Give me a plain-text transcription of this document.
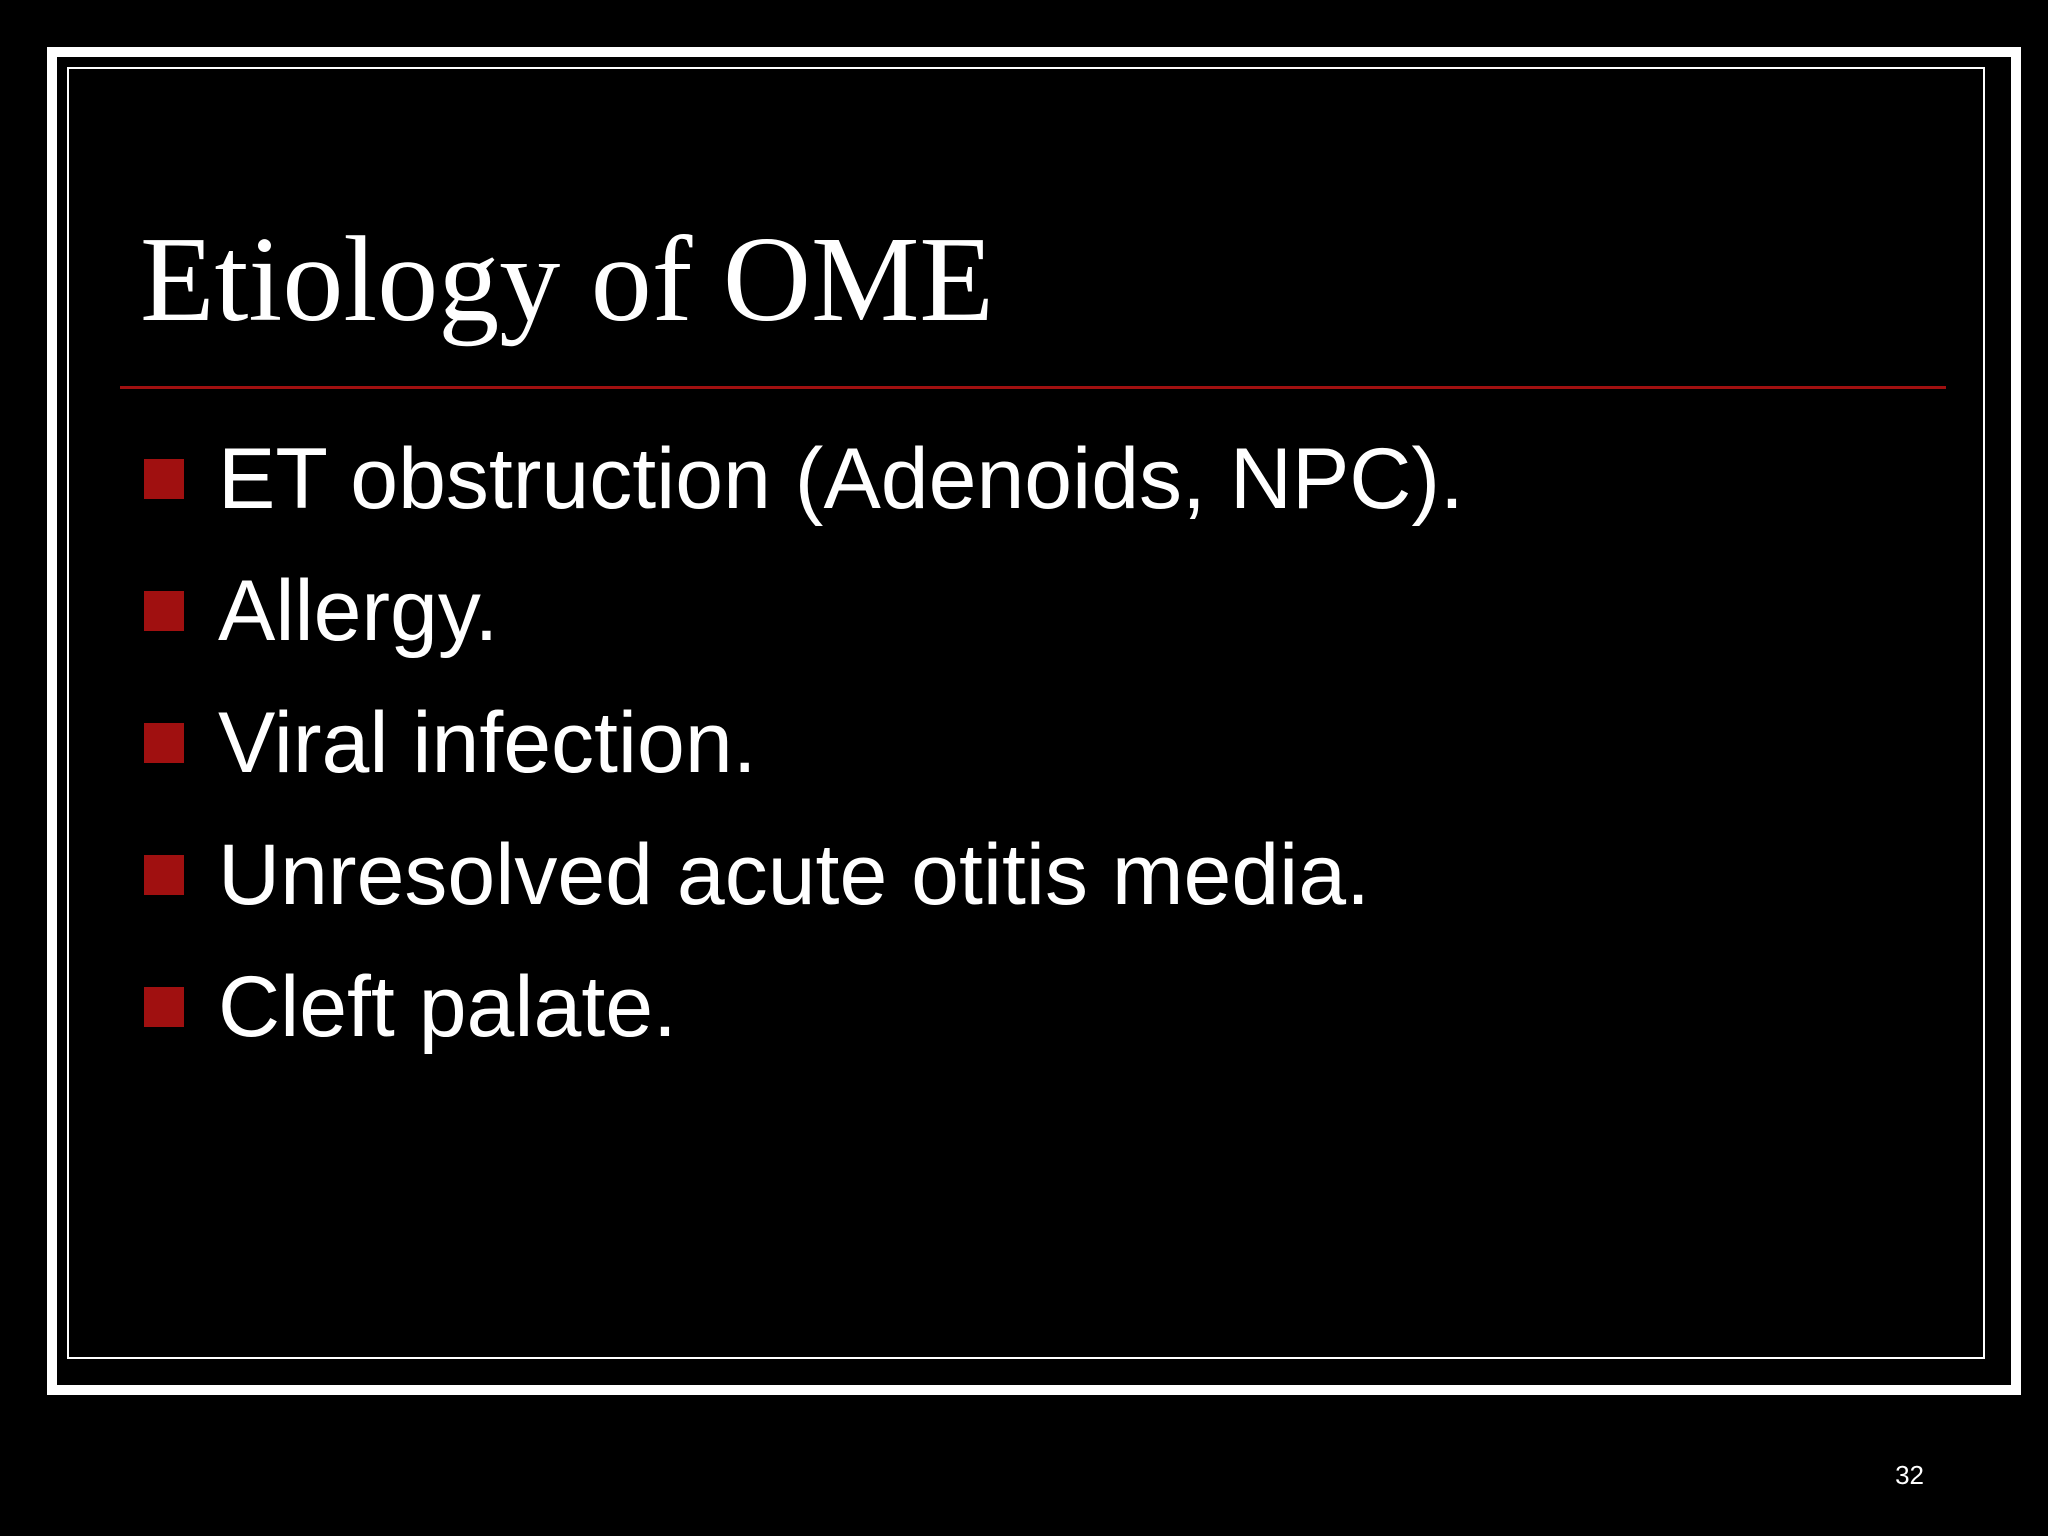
Etiology of OME
ET obstruction (Adenoids, NPC).
Allergy.
Viral infection.
Unresolved acute otitis media.
Cleft palate.
32
